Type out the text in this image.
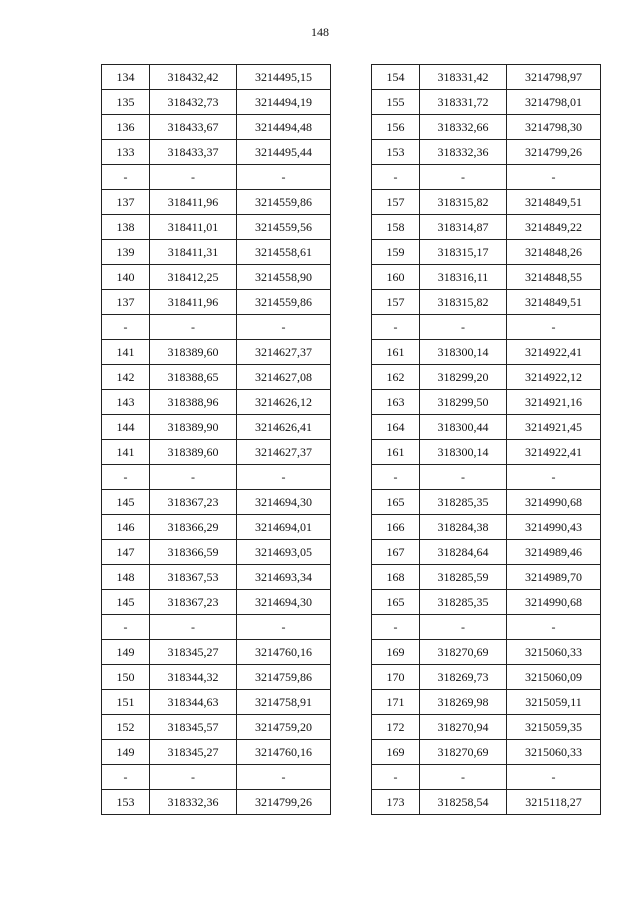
148
134	318432,42	3214495,15
135	318432,73	3214494,19
136	318433,67	3214494,48
133	318433,37	3214495,44
-	-	-
137	318411,96	3214559,86
138	318411,01	3214559,56
139	318411,31	3214558,61
140	318412,25	3214558,90
137	318411,96	3214559,86
-	-	-
141	318389,60	3214627,37
142	318388,65	3214627,08
143	318388,96	3214626,12
144	318389,90	3214626,41
141	318389,60	3214627,37
-	-	-
145	318367,23	3214694,30
146	318366,29	3214694,01
147	318366,59	3214693,05
148	318367,53	3214693,34
145	318367,23	3214694,30
-	-	-
149	318345,27	3214760,16
150	318344,32	3214759,86
151	318344,63	3214758,91
152	318345,57	3214759,20
149	318345,27	3214760,16
-	-	-
153	318332,36	3214799,26
154	318331,42	3214798,97
155	318331,72	3214798,01
156	318332,66	3214798,30
153	318332,36	3214799,26
-	-	-
157	318315,82	3214849,51
158	318314,87	3214849,22
159	318315,17	3214848,26
160	318316,11	3214848,55
157	318315,82	3214849,51
-	-	-
161	318300,14	3214922,41
162	318299,20	3214922,12
163	318299,50	3214921,16
164	318300,44	3214921,45
161	318300,14	3214922,41
-	-	-
165	318285,35	3214990,68
166	318284,38	3214990,43
167	318284,64	3214989,46
168	318285,59	3214989,70
165	318285,35	3214990,68
-	-	-
169	318270,69	3215060,33
170	318269,73	3215060,09
171	318269,98	3215059,11
172	318270,94	3215059,35
169	318270,69	3215060,33
-	-	-
173	318258,54	3215118,27
